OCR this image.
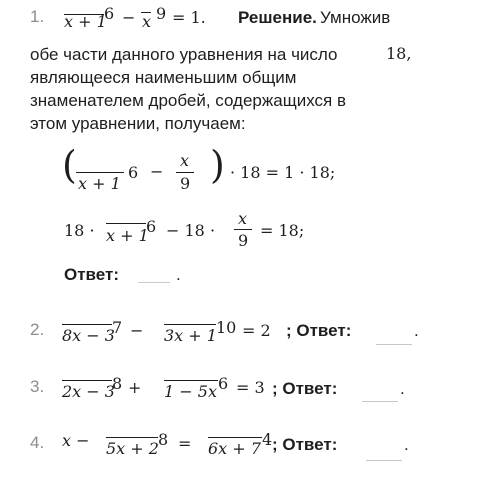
1. x + 1
6 − x 9 = 1. Решение. Умножив
обе части данного уравнения на число	18,
являющееся наименьшим общим
знаменателем дробей, содержащихся в
этом уравнении, получаем:
( x + 1
6 −
x
9 ) · 18 = 1 · 18;
18 · x + 1
6 − 18 ·
x
9
= 18;
Ответ:	.
2. 8x − 3
7 − 3x + 1 10 = 2 ; Ответ:	.
3. 2x − 3
8 + 1 − 5x 6 = 3 ; Ответ:	.
4. x − 5x + 2 8 = 6x + 7 4 ; Ответ:	.
